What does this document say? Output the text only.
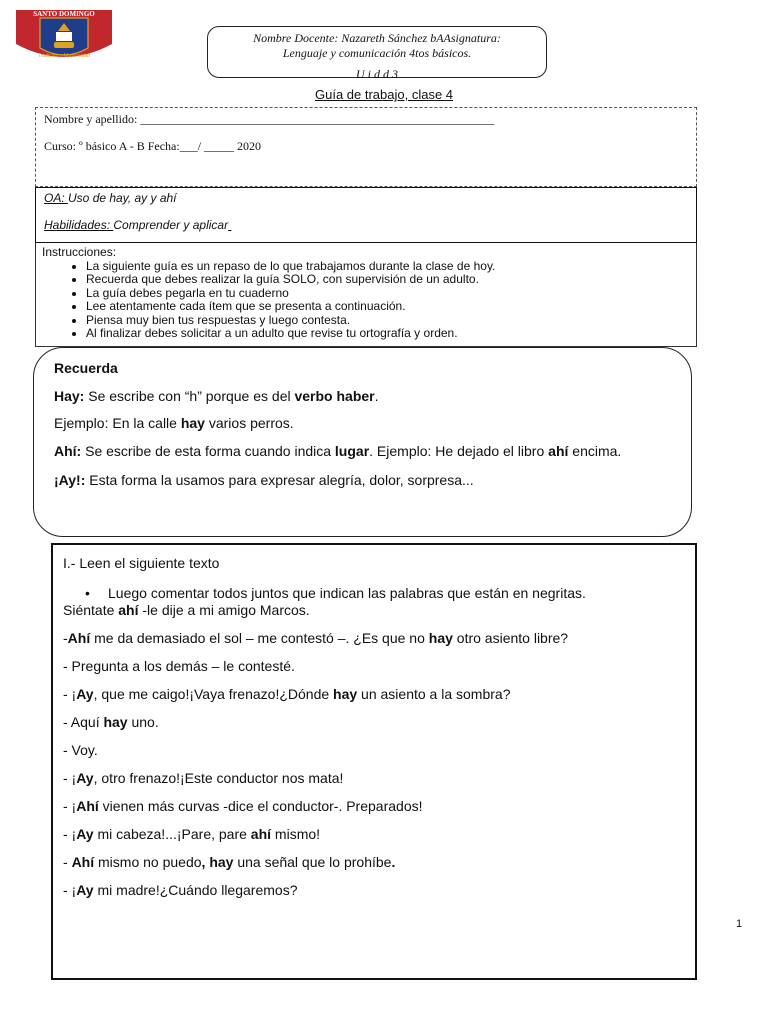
SANTO DOMINGO
Nº 493
Tradición y Modernidad
Nombre Docente: Nazareth Sánchez bAAsignatura:
Lenguaje y comunicación 4tos básicos.
U i d d 3
Guía de trabajo, clase 4
Nombre y apellido: ___________________________________________________________
Curso: º básico A - B Fecha:___/ _____ 2020
OA: Uso de hay, ay y ahí
Habilidades: Comprender y aplicar
Instrucciones:
• La siguiente guía es un repaso de lo que trabajamos durante la clase de hoy.
• Recuerda que debes realizar la guía SOLO, con supervisión de un adulto.
• La guía debes pegarla en tu cuaderno
• Lee atentamente cada ítem que se presenta a continuación.
• Piensa muy bien tus respuestas y luego contesta.
• Al finalizar debes solicitar a un adulto que revise tu ortografía y orden.

Recuerda

Hay: Se escribe con “h” porque es del verbo haber.

Ejemplo: En la calle hay varios perros.

Ahí: Se escribe de esta forma cuando indica lugar. Ejemplo: He dejado el libro ahí encima.

¡Ay!: Esta forma la usamos para expresar alegría, dolor, sorpresa...

I.- Leen el siguiente texto

• Luego comentar todos juntos que indican las palabras que están en negritas.

Siéntate ahí -le dije a mi amigo Marcos.

-Ahí me da demasiado el sol – me contestó –. ¿Es que no hay otro asiento libre?

- Pregunta a los demás – le contesté.

- ¡Ay, que me caigo!¡Vaya frenazo!¿Dónde hay un asiento a la sombra?

- Aquí hay uno.

- Voy.

- ¡Ay, otro frenazo!¡Este conductor nos mata!

- ¡Ahí vienen más curvas -dice el conductor-. Preparados!

- ¡Ay mi cabeza!...¡Pare, pare ahí mismo!

- Ahí mismo no puedo, hay una señal que lo prohíbe.

- ¡Ay mi madre!¿Cuándo llegaremos?

1
